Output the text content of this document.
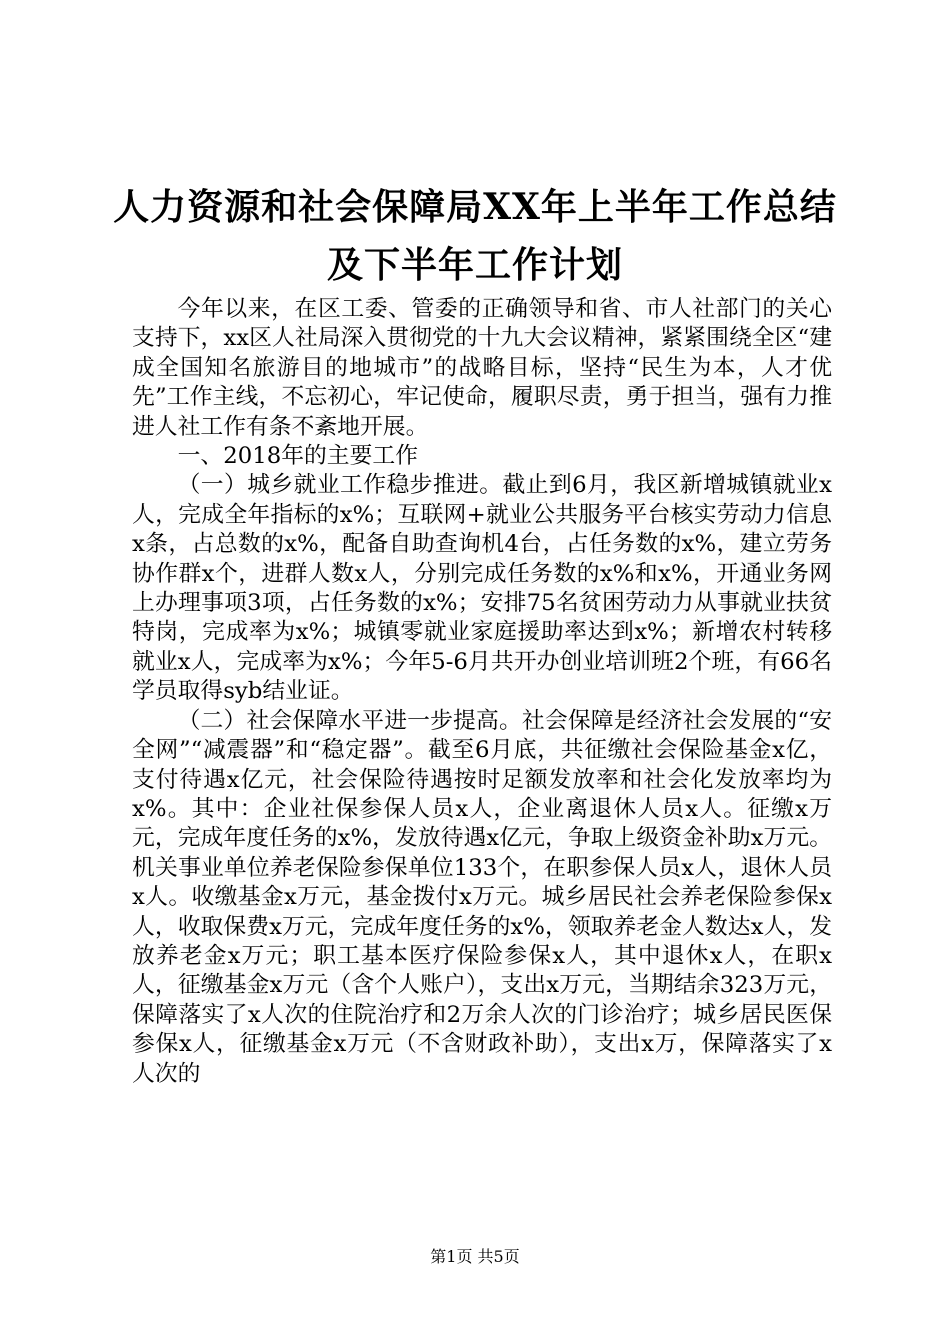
人力资源和社会保障局XX年上半年工作总结
及下半年工作计划

今年以来，在区工委、管委的正确领导和省、市人社部门的关心支持下，xx区人社局深入贯彻党的十九大会议精神，紧紧围绕全区“建成全国知名旅游目的地城市”的战略目标，坚持“民生为本，人才优先”工作主线，不忘初心，牢记使命，履职尽责，勇于担当，强有力推进人社工作有条不紊地开展。

一、2018年的主要工作

（一）城乡就业工作稳步推进。截止到6月，我区新增城镇就业x人，完成全年指标的x%；互联网+就业公共服务平台核实劳动力信息x条，占总数的x%，配备自助查询机4台，占任务数的x%，建立劳务协作群x个，进群人数x人，分别完成任务数的x%和x%，开通业务网上办理事项3项，占任务数的x%；安排75名贫困劳动力从事就业扶贫特岗，完成率为x%；城镇零就业家庭援助率达到x%；新增农村转移就业x人，完成率为x%；今年5-6月共开办创业培训班2个班，有66名学员取得syb结业证。

（二）社会保障水平进一步提高。社会保障是经济社会发展的“安全网”“减震器”和“稳定器”。截至6月底，共征缴社会保险基金x亿，支付待遇x亿元，社会保险待遇按时足额发放率和社会化发放率均为x%。其中：企业社保参保人员x人，企业离退休人员x人。征缴x万元，完成年度任务的x%，发放待遇x亿元，争取上级资金补助x万元。机关事业单位养老保险参保单位133个，在职参保人员x人，退休人员x人。收缴基金x万元，基金拨付x万元。城乡居民社会养老保险参保x人，收取保费x万元，完成年度任务的x%，领取养老金人数达x人，发放养老金x万元；职工基本医疗保险参保x人，其中退休x人，在职x人，征缴基金x万元（含个人账户），支出x万元，当期结余323万元，保障落实了x人次的住院治疗和2万余人次的门诊治疗；城乡居民医保参保x人，征缴基金x万元（不含财政补助），支出x万，保障落实了x人次的

第1页 共5页
